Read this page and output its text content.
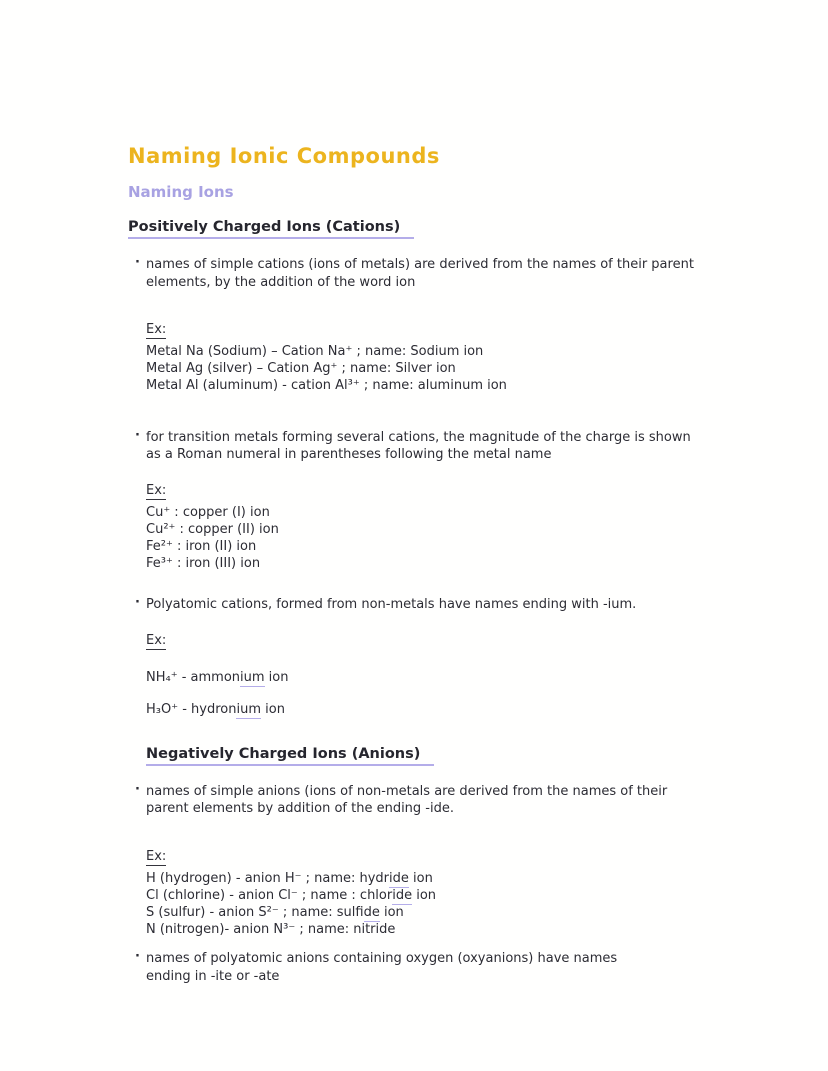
Naming Ionic Compounds
Naming Ions
Positively Charged Ions (Cations)
· names of simple cations (ions of metals) are derived from the names of their parent elements, by the addition of the word ion
Ex:
Metal Na (Sodium) – Cation Na⁺ ; name: Sodium ion
Metal Ag (silver) – Cation Ag⁺ ; name: Silver ion
Metal Al (aluminum) - cation Al³⁺ ; name: aluminum ion
· for transition metals forming several cations, the magnitude of the charge is shown as a Roman numeral in parentheses following the metal name
Ex:
Cu⁺ : copper (I) ion
Cu²⁺ : copper (II) ion
Fe²⁺ : iron (II) ion
Fe³⁺ : iron (III) ion
· Polyatomic cations, formed from non-metals have names ending with -ium.
Ex:
NH₄⁺ - ammonium ion
H₃O⁺ - hydronium ion
Negatively Charged Ions (Anions)
· names of simple anions (ions of non-metals are derived from the names of their parent elements by addition of the ending -ide.
Ex:
H (hydrogen) - anion H⁻ ; name: hydride ion
Cl (chlorine) - anion Cl⁻ ; name : chloride ion
S (sulfur) - anion S²⁻ ; name: sulfide ion
N (nitrogen)- anion N³⁻ ; name: nitride
· names of polyatomic anions containing oxygen (oxyanions) have names ending in -ite or -ate
